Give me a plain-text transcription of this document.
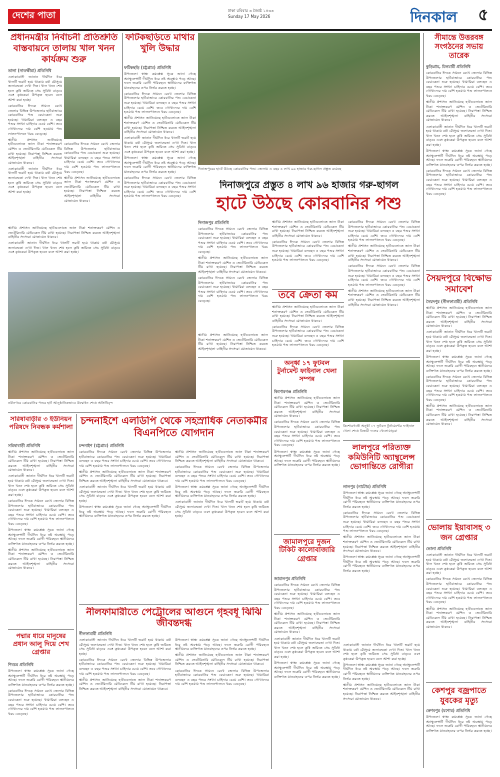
দেশের পাতা
ঢাকা রবিবার ৩ জ্যৈষ্ঠ ১৪৩৩
Sunday 17 May 2026	দিনকাল	৫
প্রধানমন্ত্রীর নির্বাচনী প্রতিশ্রুতি বাস্তবায়নে তালায় খাল খনন কার্যক্রম শুরু
তালা (সাতক্ষীরা) প্রতিনিধি

এলাকাবাসী জানান দীর্ঘদিন ধরে খালটি ভরাট হয়ে থাকায় বর্ষা মৌসুমে জলাবদ্ধতা দেখা দিত। খাল খনন শেষ হলে কৃষি জমিতে সেচ সুবিধা বাড়বে এবং কৃষকেরা উপকৃত হবেন বলে আশা করা হচ্ছে।

কোরবানির ঈদকে সামনে রেখে জেলার বিভিন্ন উপজেলার হাটবাজারে কোরবানির পশু বেচাকেনা শুরু হয়েছে। খামারিরা বলছেন এ বছর পশুর সংখ্যা চাহিদার চেয়ে বেশি। তবে গোখাদ্যের দাম বেশি হওয়ায় পশু লালনপালনে খরচ বেড়েছে।

স্থানীয় প্রশাসন জানিয়েছে হাটগুলোতে জাল টাকা শনাক্তকরণ মেশিন ও ভেটেরিনারি মেডিকেল টিম রাখা হয়েছে। নিরাপত্তা নিশ্চিত করতে আইনশৃঙ্খলা বাহিনীর সদস্যরা মোতায়েন থাকবে।

এলাকাবাসী জানান দীর্ঘদিন ধরে খালটি ভরাট হয়ে থাকায় বর্ষা মৌসুমে জলাবদ্ধতা দেখা দিত। খাল খনন শেষ হলে কৃষি জমিতে সেচ সুবিধা বাড়বে এবং কৃষকেরা উপকৃত হবেন বলে আশা করা হচ্ছে।

কোরবানির ঈদকে সামনে রেখে জেলার বিভিন্ন উপজেলার হাটবাজারে কোরবানির পশু বেচাকেনা শুরু হয়েছে। খামারিরা বলছেন এ বছর পশুর সংখ্যা চাহিদার চেয়ে বেশি। তবে গোখাদ্যের দাম বেশি হওয়ায় পশু লালনপালনে খরচ বেড়েছে।

স্থানীয় প্রশাসন জানিয়েছে হাটগুলোতে জাল টাকা শনাক্তকরণ মেশিন ও ভেটেরিনারি মেডিকেল টিম রাখা হয়েছে। নিরাপত্তা নিশ্চিত করতে আইনশৃঙ্খলা বাহিনীর সদস্যরা মোতায়েন থাকবে।

স্থানীয় প্রশাসন জানিয়েছে হাটগুলোতে জাল টাকা শনাক্তকরণ মেশিন ও ভেটেরিনারি মেডিকেল টিম রাখা হয়েছে। নিরাপত্তা নিশ্চিত করতে আইনশৃঙ্খলা বাহিনীর সদস্যরা মোতায়েন থাকবে।

এলাকাবাসী জানান দীর্ঘদিন ধরে খালটি ভরাট হয়ে থাকায় বর্ষা মৌসুমে জলাবদ্ধতা দেখা দিত। খাল খনন শেষ হলে কৃষি জমিতে সেচ সুবিধা বাড়বে এবং কৃষকেরা উপকৃত হবেন বলে আশা করা হচ্ছে।

নবীনগরে কোরবানির পশুর হাট আনুষ্ঠানিকভাবে উদ্বোধন শেষে অতিথিবৃন্দ
ফটিকছড়িতে মাথার খুলি উদ্ধার
ফটিকছড়ি (চট্টগ্রাম) প্রতিনিধি

উপজেলা স্বাস্থ্য কমপ্লেক্স সূত্রে জানা গেছে অ্যাম্বুলেন্সটি দীর্ঘদিন ধরে নষ্ট অবস্থায় পড়ে আছে। ফলে জরুরি রোগী পরিবহনে স্থানীয়দের ব্যক্তিগত যানবাহনের ওপর নির্ভর করতে হচ্ছে।

কোরবানির ঈদকে সামনে রেখে জেলার বিভিন্ন উপজেলার হাটবাজারে কোরবানির পশু বেচাকেনা শুরু হয়েছে। খামারিরা বলছেন এ বছর পশুর সংখ্যা চাহিদার চেয়ে বেশি। তবে গোখাদ্যের দাম বেশি হওয়ায় পশু লালনপালনে খরচ বেড়েছে।

স্থানীয় প্রশাসন জানিয়েছে হাটগুলোতে জাল টাকা শনাক্তকরণ মেশিন ও ভেটেরিনারি মেডিকেল টিম রাখা হয়েছে। নিরাপত্তা নিশ্চিত করতে আইনশৃঙ্খলা বাহিনীর সদস্যরা মোতায়েন থাকবে।

এলাকাবাসী জানান দীর্ঘদিন ধরে খালটি ভরাট হয়ে থাকায় বর্ষা মৌসুমে জলাবদ্ধতা দেখা দিত। খাল খনন শেষ হলে কৃষি জমিতে সেচ সুবিধা বাড়বে এবং কৃষকেরা উপকৃত হবেন বলে আশা করা হচ্ছে।

উপজেলা স্বাস্থ্য কমপ্লেক্স সূত্রে জানা গেছে অ্যাম্বুলেন্সটি দীর্ঘদিন ধরে নষ্ট অবস্থায় পড়ে আছে। ফলে জরুরি রোগী পরিবহনে স্থানীয়দের ব্যক্তিগত যানবাহনের ওপর নির্ভর করতে হচ্ছে।

কোরবানির ঈদকে সামনে রেখে জেলার বিভিন্ন উপজেলার হাটবাজারে কোরবানির পশু বেচাকেনা শুরু হয়েছে। খামারিরা বলছেন এ বছর পশুর সংখ্যা চাহিদার চেয়ে বেশি। তবে গোখাদ্যের দাম বেশি হওয়ায় পশু লালনপালনে খরচ বেড়েছে।

দিনাজপুরের হাটে উঠছে কোরবানির পশু। জেলায় এ বছর ৪ লাখ ৯৬ হাজার গরু-ছাগল প্রস্তুত রয়েছে
দিনাজপুরে প্রস্তুত ৪ লাখ ৯৬ হাজার গরু-ছাগল
হাটে উঠছে কোরবানির পশু
দিনাজপুর প্রতিনিধি

কোরবানির ঈদকে সামনে রেখে জেলার বিভিন্ন উপজেলার হাটবাজারে কোরবানির পশু বেচাকেনা শুরু হয়েছে। খামারিরা বলছেন এ বছর পশুর সংখ্যা চাহিদার চেয়ে বেশি। তবে গোখাদ্যের দাম বেশি হওয়ায় পশু লালনপালনে খরচ বেড়েছে।

স্থানীয় প্রশাসন জানিয়েছে হাটগুলোতে জাল টাকা শনাক্তকরণ মেশিন ও ভেটেরিনারি মেডিকেল টিম রাখা হয়েছে। নিরাপত্তা নিশ্চিত করতে আইনশৃঙ্খলা বাহিনীর সদস্যরা মোতায়েন থাকবে।

কোরবানির ঈদকে সামনে রেখে জেলার বিভিন্ন উপজেলার হাটবাজারে কোরবানির পশু বেচাকেনা শুরু হয়েছে। খামারিরা বলছেন এ বছর পশুর সংখ্যা চাহিদার চেয়ে বেশি। তবে গোখাদ্যের দাম বেশি হওয়ায় পশু লালনপালনে খরচ বেড়েছে।

স্থানীয় প্রশাসন জানিয়েছে হাটগুলোতে জাল টাকা শনাক্তকরণ মেশিন ও ভেটেরিনারি মেডিকেল টিম রাখা হয়েছে। নিরাপত্তা নিশ্চিত করতে আইনশৃঙ্খলা বাহিনীর সদস্যরা মোতায়েন থাকবে।

কোরবানির ঈদকে সামনে রেখে জেলার বিভিন্ন উপজেলার হাটবাজারে কোরবানির পশু বেচাকেনা শুরু হয়েছে। খামারিরা বলছেন এ বছর পশুর সংখ্যা চাহিদার চেয়ে বেশি। তবে গোখাদ্যের দাম বেশি হওয়ায় পশু লালনপালনে খরচ বেড়েছে।

তবে ক্রেতা কম

স্থানীয় প্রশাসন জানিয়েছে হাটগুলোতে জাল টাকা শনাক্তকরণ মেশিন ও ভেটেরিনারি মেডিকেল টিম রাখা হয়েছে। নিরাপত্তা নিশ্চিত করতে আইনশৃঙ্খলা বাহিনীর সদস্যরা মোতায়েন থাকবে।

কোরবানির ঈদকে সামনে রেখে জেলার বিভিন্ন উপজেলার হাটবাজারে কোরবানির পশু বেচাকেনা শুরু হয়েছে। খামারিরা বলছেন এ বছর পশুর সংখ্যা চাহিদার চেয়ে বেশি। তবে গোখাদ্যের দাম বেশি হওয়ায় পশু লালনপালনে খরচ বেড়েছে।

কোরবানির ঈদকে সামনে রেখে জেলার বিভিন্ন উপজেলার হাটবাজারে কোরবানির পশু বেচাকেনা শুরু হয়েছে। খামারিরা বলছেন এ বছর পশুর সংখ্যা চাহিদার চেয়ে বেশি। তবে গোখাদ্যের দাম বেশি হওয়ায় পশু লালনপালনে খরচ বেড়েছে।

স্থানীয় প্রশাসন জানিয়েছে হাটগুলোতে জাল টাকা শনাক্তকরণ মেশিন ও ভেটেরিনারি মেডিকেল টিম রাখা হয়েছে। নিরাপত্তা নিশ্চিত করতে আইনশৃঙ্খলা বাহিনীর সদস্যরা মোতায়েন থাকবে।

কোরবানির ঈদকে সামনে রেখে জেলার বিভিন্ন উপজেলার হাটবাজারে কোরবানির পশু বেচাকেনা শুরু হয়েছে। খামারিরা বলছেন এ বছর পশুর সংখ্যা চাহিদার চেয়ে বেশি। তবে গোখাদ্যের দাম বেশি হওয়ায় পশু লালনপালনে খরচ বেড়েছে।

স্থানীয় প্রশাসন জানিয়েছে হাটগুলোতে জাল টাকা শনাক্তকরণ মেশিন ও ভেটেরিনারি মেডিকেল টিম রাখা হয়েছে। নিরাপত্তা নিশ্চিত করতে আইনশৃঙ্খলা বাহিনীর সদস্যরা মোতায়েন থাকবে।

স্থানীয় প্রশাসন জানিয়েছে হাটগুলোতে জাল টাকা শনাক্তকরণ মেশিন ও ভেটেরিনারি মেডিকেল টিম রাখা হয়েছে। নিরাপত্তা নিশ্চিত করতে আইনশৃঙ্খলা বাহিনীর সদস্যরা মোতায়েন থাকবে।

সীমান্তে উত্তরবঙ্গ সংগঠনের সভায় তারেক
কুড়িগ্রাম, চিলমারী প্রতিনিধি

কোরবানির ঈদকে সামনে রেখে জেলার বিভিন্ন উপজেলার হাটবাজারে কোরবানির পশু বেচাকেনা শুরু হয়েছে। খামারিরা বলছেন এ বছর পশুর সংখ্যা চাহিদার চেয়ে বেশি। তবে গোখাদ্যের দাম বেশি হওয়ায় পশু লালনপালনে খরচ বেড়েছে।

স্থানীয় প্রশাসন জানিয়েছে হাটগুলোতে জাল টাকা শনাক্তকরণ মেশিন ও ভেটেরিনারি মেডিকেল টিম রাখা হয়েছে। নিরাপত্তা নিশ্চিত করতে আইনশৃঙ্খলা বাহিনীর সদস্যরা মোতায়েন থাকবে।

এলাকাবাসী জানান দীর্ঘদিন ধরে খালটি ভরাট হয়ে থাকায় বর্ষা মৌসুমে জলাবদ্ধতা দেখা দিত। খাল খনন শেষ হলে কৃষি জমিতে সেচ সুবিধা বাড়বে এবং কৃষকেরা উপকৃত হবেন বলে আশা করা হচ্ছে।

উপজেলা স্বাস্থ্য কমপ্লেক্স সূত্রে জানা গেছে অ্যাম্বুলেন্সটি দীর্ঘদিন ধরে নষ্ট অবস্থায় পড়ে আছে। ফলে জরুরি রোগী পরিবহনে স্থানীয়দের ব্যক্তিগত যানবাহনের ওপর নির্ভর করতে হচ্ছে।

কোরবানির ঈদকে সামনে রেখে জেলার বিভিন্ন উপজেলার হাটবাজারে কোরবানির পশু বেচাকেনা শুরু হয়েছে। খামারিরা বলছেন এ বছর পশুর সংখ্যা চাহিদার চেয়ে বেশি। তবে গোখাদ্যের দাম বেশি হওয়ায় পশু লালনপালনে খরচ বেড়েছে।

সৈয়দপুরে বিক্ষোভ সমাবেশ
সৈয়দপুর (নীলফামারী) প্রতিনিধি

স্থানীয় প্রশাসন জানিয়েছে হাটগুলোতে জাল টাকা শনাক্তকরণ মেশিন ও ভেটেরিনারি মেডিকেল টিম রাখা হয়েছে। নিরাপত্তা নিশ্চিত করতে আইনশৃঙ্খলা বাহিনীর সদস্যরা মোতায়েন থাকবে।

এলাকাবাসী জানান দীর্ঘদিন ধরে খালটি ভরাট হয়ে থাকায় বর্ষা মৌসুমে জলাবদ্ধতা দেখা দিত। খাল খনন শেষ হলে কৃষি জমিতে সেচ সুবিধা বাড়বে এবং কৃষকেরা উপকৃত হবেন বলে আশা করা হচ্ছে।

উপজেলা স্বাস্থ্য কমপ্লেক্স সূত্রে জানা গেছে অ্যাম্বুলেন্সটি দীর্ঘদিন ধরে নষ্ট অবস্থায় পড়ে আছে। ফলে জরুরি রোগী পরিবহনে স্থানীয়দের ব্যক্তিগত যানবাহনের ওপর নির্ভর করতে হচ্ছে।

কোরবানির ঈদকে সামনে রেখে জেলার বিভিন্ন উপজেলার হাটবাজারে কোরবানির পশু বেচাকেনা শুরু হয়েছে। খামারিরা বলছেন এ বছর পশুর সংখ্যা চাহিদার চেয়ে বেশি। তবে গোখাদ্যের দাম বেশি হওয়ায় পশু লালনপালনে খরচ বেড়েছে।

স্থানীয় প্রশাসন জানিয়েছে হাটগুলোতে জাল টাকা শনাক্তকরণ মেশিন ও ভেটেরিনারি মেডিকেল টিম রাখা হয়েছে। নিরাপত্তা নিশ্চিত করতে আইনশৃঙ্খলা বাহিনীর সদস্যরা মোতায়েন থাকবে।

ভোলায় ইয়াবাসহ ৩ জন গ্রেপ্তার
ভোলা প্রতিনিধি

এলাকাবাসী জানান দীর্ঘদিন ধরে খালটি ভরাট হয়ে থাকায় বর্ষা মৌসুমে জলাবদ্ধতা দেখা দিত। খাল খনন শেষ হলে কৃষি জমিতে সেচ সুবিধা বাড়বে এবং কৃষকেরা উপকৃত হবেন বলে আশা করা হচ্ছে।

কোরবানির ঈদকে সামনে রেখে জেলার বিভিন্ন উপজেলার হাটবাজারে কোরবানির পশু বেচাকেনা শুরু হয়েছে। খামারিরা বলছেন এ বছর পশুর সংখ্যা চাহিদার চেয়ে বেশি। তবে গোখাদ্যের দাম বেশি হওয়ায় পশু লালনপালনে খরচ বেড়েছে।

স্থানীয় প্রশাসন জানিয়েছে হাটগুলোতে জাল টাকা শনাক্তকরণ মেশিন ও ভেটেরিনারি মেডিকেল টিম রাখা হয়েছে। নিরাপত্তা নিশ্চিত করতে আইনশৃঙ্খলা বাহিনীর সদস্যরা মোতায়েন থাকবে।

কেশপুর বজ্রপাতে যুবকের মৃত্যু
কেশবপুর (যশোর) প্রতিনিধি

উপজেলা স্বাস্থ্য কমপ্লেক্স সূত্রে জানা গেছে অ্যাম্বুলেন্সটি দীর্ঘদিন ধরে নষ্ট অবস্থায় পড়ে আছে। ফলে জরুরি রোগী পরিবহনে স্থানীয়দের ব্যক্তিগত যানবাহনের ওপর নির্ভর করতে হচ্ছে।

সরিষাবাড়ীর ৩ ইউনিয়ন পরিষদে নিবন্ধক কর্মশালা
সরিষাবাড়ী প্রতিনিধি

স্থানীয় প্রশাসন জানিয়েছে হাটগুলোতে জাল টাকা শনাক্তকরণ মেশিন ও ভেটেরিনারি মেডিকেল টিম রাখা হয়েছে। নিরাপত্তা নিশ্চিত করতে আইনশৃঙ্খলা বাহিনীর সদস্যরা মোতায়েন থাকবে।

এলাকাবাসী জানান দীর্ঘদিন ধরে খালটি ভরাট হয়ে থাকায় বর্ষা মৌসুমে জলাবদ্ধতা দেখা দিত। খাল খনন শেষ হলে কৃষি জমিতে সেচ সুবিধা বাড়বে এবং কৃষকেরা উপকৃত হবেন বলে আশা করা হচ্ছে।

কোরবানির ঈদকে সামনে রেখে জেলার বিভিন্ন উপজেলার হাটবাজারে কোরবানির পশু বেচাকেনা শুরু হয়েছে। খামারিরা বলছেন এ বছর পশুর সংখ্যা চাহিদার চেয়ে বেশি। তবে গোখাদ্যের দাম বেশি হওয়ায় পশু লালনপালনে খরচ বেড়েছে।

উপজেলা স্বাস্থ্য কমপ্লেক্স সূত্রে জানা গেছে অ্যাম্বুলেন্সটি দীর্ঘদিন ধরে নষ্ট অবস্থায় পড়ে আছে। ফলে জরুরি রোগী পরিবহনে স্থানীয়দের ব্যক্তিগত যানবাহনের ওপর নির্ভর করতে হচ্ছে।

স্থানীয় প্রশাসন জানিয়েছে হাটগুলোতে জাল টাকা শনাক্তকরণ মেশিন ও ভেটেরিনারি মেডিকেল টিম রাখা হয়েছে। নিরাপত্তা নিশ্চিত করতে আইনশৃঙ্খলা বাহিনীর সদস্যরা মোতায়েন থাকবে।

পদ্মার ধারে মানুষের প্রধান আলু দিয়ে শেখ গ্রেপ্তার
শিবচর প্রতিনিধি

উপজেলা স্বাস্থ্য কমপ্লেক্স সূত্রে জানা গেছে অ্যাম্বুলেন্সটি দীর্ঘদিন ধরে নষ্ট অবস্থায় পড়ে আছে। ফলে জরুরি রোগী পরিবহনে স্থানীয়দের ব্যক্তিগত যানবাহনের ওপর নির্ভর করতে হচ্ছে।

কোরবানির ঈদকে সামনে রেখে জেলার বিভিন্ন উপজেলার হাটবাজারে কোরবানির পশু বেচাকেনা শুরু হয়েছে। খামারিরা বলছেন এ বছর পশুর সংখ্যা চাহিদার চেয়ে বেশি। তবে গোখাদ্যের দাম বেশি হওয়ায় পশু লালনপালনে খরচ বেড়েছে।

চন্দনাইশে এলডিপি থেকে সহস্রাধিক নেতাকর্মীর বিএনপিতে যোগদান
চন্দনাইশ (চট্টগ্রাম) প্রতিনিধি

কোরবানির ঈদকে সামনে রেখে জেলার বিভিন্ন উপজেলার হাটবাজারে কোরবানির পশু বেচাকেনা শুরু হয়েছে। খামারিরা বলছেন এ বছর পশুর সংখ্যা চাহিদার চেয়ে বেশি। তবে গোখাদ্যের দাম বেশি হওয়ায় পশু লালনপালনে খরচ বেড়েছে।

স্থানীয় প্রশাসন জানিয়েছে হাটগুলোতে জাল টাকা শনাক্তকরণ মেশিন ও ভেটেরিনারি মেডিকেল টিম রাখা হয়েছে। নিরাপত্তা নিশ্চিত করতে আইনশৃঙ্খলা বাহিনীর সদস্যরা মোতায়েন থাকবে।

এলাকাবাসী জানান দীর্ঘদিন ধরে খালটি ভরাট হয়ে থাকায় বর্ষা মৌসুমে জলাবদ্ধতা দেখা দিত। খাল খনন শেষ হলে কৃষি জমিতে সেচ সুবিধা বাড়বে এবং কৃষকেরা উপকৃত হবেন বলে আশা করা হচ্ছে।

উপজেলা স্বাস্থ্য কমপ্লেক্স সূত্রে জানা গেছে অ্যাম্বুলেন্সটি দীর্ঘদিন ধরে নষ্ট অবস্থায় পড়ে আছে। ফলে জরুরি রোগী পরিবহনে স্থানীয়দের ব্যক্তিগত যানবাহনের ওপর নির্ভর করতে হচ্ছে।

স্থানীয় প্রশাসন জানিয়েছে হাটগুলোতে জাল টাকা শনাক্তকরণ মেশিন ও ভেটেরিনারি মেডিকেল টিম রাখা হয়েছে। নিরাপত্তা নিশ্চিত করতে আইনশৃঙ্খলা বাহিনীর সদস্যরা মোতায়েন থাকবে।

কোরবানির ঈদকে সামনে রেখে জেলার বিভিন্ন উপজেলার হাটবাজারে কোরবানির পশু বেচাকেনা শুরু হয়েছে। খামারিরা বলছেন এ বছর পশুর সংখ্যা চাহিদার চেয়ে বেশি। তবে গোখাদ্যের দাম বেশি হওয়ায় পশু লালনপালনে খরচ বেড়েছে।

উপজেলা স্বাস্থ্য কমপ্লেক্স সূত্রে জানা গেছে অ্যাম্বুলেন্সটি দীর্ঘদিন ধরে নষ্ট অবস্থায় পড়ে আছে। ফলে জরুরি রোগী পরিবহনে স্থানীয়দের ব্যক্তিগত যানবাহনের ওপর নির্ভর করতে হচ্ছে।

এলাকাবাসী জানান দীর্ঘদিন ধরে খালটি ভরাট হয়ে থাকায় বর্ষা মৌসুমে জলাবদ্ধতা দেখা দিত। খাল খনন শেষ হলে কৃষি জমিতে সেচ সুবিধা বাড়বে এবং কৃষকেরা উপকৃত হবেন বলে আশা করা হচ্ছে।

নীলফামারীতে পেট্রোলের আগুনে গৃহবধূ ঝিঁঝি জীবন্তদগ্ধ
নীলফামারী প্রতিনিধি

এলাকাবাসী জানান দীর্ঘদিন ধরে খালটি ভরাট হয়ে থাকায় বর্ষা মৌসুমে জলাবদ্ধতা দেখা দিত। খাল খনন শেষ হলে কৃষি জমিতে সেচ সুবিধা বাড়বে এবং কৃষকেরা উপকৃত হবেন বলে আশা করা হচ্ছে।

কোরবানির ঈদকে সামনে রেখে জেলার বিভিন্ন উপজেলার হাটবাজারে কোরবানির পশু বেচাকেনা শুরু হয়েছে। খামারিরা বলছেন এ বছর পশুর সংখ্যা চাহিদার চেয়ে বেশি। তবে গোখাদ্যের দাম বেশি হওয়ায় পশু লালনপালনে খরচ বেড়েছে।

স্থানীয় প্রশাসন জানিয়েছে হাটগুলোতে জাল টাকা শনাক্তকরণ মেশিন ও ভেটেরিনারি মেডিকেল টিম রাখা হয়েছে। নিরাপত্তা নিশ্চিত করতে আইনশৃঙ্খলা বাহিনীর সদস্যরা মোতায়েন থাকবে।

উপজেলা স্বাস্থ্য কমপ্লেক্স সূত্রে জানা গেছে অ্যাম্বুলেন্সটি দীর্ঘদিন ধরে নষ্ট অবস্থায় পড়ে আছে। ফলে জরুরি রোগী পরিবহনে স্থানীয়দের ব্যক্তিগত যানবাহনের ওপর নির্ভর করতে হচ্ছে।

স্থানীয় প্রশাসন জানিয়েছে হাটগুলোতে জাল টাকা শনাক্তকরণ মেশিন ও ভেটেরিনারি মেডিকেল টিম রাখা হয়েছে। নিরাপত্তা নিশ্চিত করতে আইনশৃঙ্খলা বাহিনীর সদস্যরা মোতায়েন থাকবে।

কোরবানির ঈদকে সামনে রেখে জেলার বিভিন্ন উপজেলার হাটবাজারে কোরবানির পশু বেচাকেনা শুরু হয়েছে। খামারিরা বলছেন এ বছর পশুর সংখ্যা চাহিদার চেয়ে বেশি। তবে গোখাদ্যের দাম বেশি হওয়ায় পশু লালনপালনে খরচ বেড়েছে।

অনূর্ধ্ব ১৭ ফুটবল টুর্নামেন্ট ফাইনাল খেলা সম্পন্ন
কিশোরগঞ্জ প্রতিনিধি

স্থানীয় প্রশাসন জানিয়েছে হাটগুলোতে জাল টাকা শনাক্তকরণ মেশিন ও ভেটেরিনারি মেডিকেল টিম রাখা হয়েছে। নিরাপত্তা নিশ্চিত করতে আইনশৃঙ্খলা বাহিনীর সদস্যরা মোতায়েন থাকবে।

কোরবানির ঈদকে সামনে রেখে জেলার বিভিন্ন উপজেলার হাটবাজারে কোরবানির পশু বেচাকেনা শুরু হয়েছে। খামারিরা বলছেন এ বছর পশুর সংখ্যা চাহিদার চেয়ে বেশি। তবে গোখাদ্যের দাম বেশি হওয়ায় পশু লালনপালনে খরচ বেড়েছে।

উপজেলা স্বাস্থ্য কমপ্লেক্স সূত্রে জানা গেছে অ্যাম্বুলেন্সটি দীর্ঘদিন ধরে নষ্ট অবস্থায় পড়ে আছে। ফলে জরুরি রোগী পরিবহনে স্থানীয়দের ব্যক্তিগত যানবাহনের ওপর নির্ভর করতে হচ্ছে।

কিশোরগঞ্জে অনূর্ধ্ব ১৭ ফুটবল টুর্নামেন্টের ফাইনাল খেলা শেষে বিজয়ী দলের খেলোয়াড়রা
লালপুরে পরিত্যক্ত কমিউনিটি অ্যাম্বুলেন্স ভোগান্তিতে রোগীরা
লালপুর (নাটোর) প্রতিনিধি

উপজেলা স্বাস্থ্য কমপ্লেক্স সূত্রে জানা গেছে অ্যাম্বুলেন্সটি দীর্ঘদিন ধরে নষ্ট অবস্থায় পড়ে আছে। ফলে জরুরি রোগী পরিবহনে স্থানীয়দের ব্যক্তিগত যানবাহনের ওপর নির্ভর করতে হচ্ছে।

কোরবানির ঈদকে সামনে রেখে জেলার বিভিন্ন উপজেলার হাটবাজারে কোরবানির পশু বেচাকেনা শুরু হয়েছে। খামারিরা বলছেন এ বছর পশুর সংখ্যা চাহিদার চেয়ে বেশি। তবে গোখাদ্যের দাম বেশি হওয়ায় পশু লালনপালনে খরচ বেড়েছে।

স্থানীয় প্রশাসন জানিয়েছে হাটগুলোতে জাল টাকা শনাক্তকরণ মেশিন ও ভেটেরিনারি মেডিকেল টিম রাখা হয়েছে। নিরাপত্তা নিশ্চিত করতে আইনশৃঙ্খলা বাহিনীর সদস্যরা মোতায়েন থাকবে।

উপজেলা স্বাস্থ্য কমপ্লেক্স সূত্রে জানা গেছে অ্যাম্বুলেন্সটি দীর্ঘদিন ধরে নষ্ট অবস্থায় পড়ে আছে। ফলে জরুরি রোগী পরিবহনে স্থানীয়দের ব্যক্তিগত যানবাহনের ওপর নির্ভর করতে হচ্ছে।

এলাকাবাসী জানান দীর্ঘদিন ধরে খালটি ভরাট হয়ে থাকায় বর্ষা মৌসুমে জলাবদ্ধতা দেখা দিত। খাল খনন শেষ হলে কৃষি জমিতে সেচ সুবিধা বাড়বে এবং কৃষকেরা উপকৃত হবেন বলে আশা করা হচ্ছে।

উপজেলা স্বাস্থ্য কমপ্লেক্স সূত্রে জানা গেছে অ্যাম্বুলেন্সটি দীর্ঘদিন ধরে নষ্ট অবস্থায় পড়ে আছে। ফলে জরুরি রোগী পরিবহনে স্থানীয়দের ব্যক্তিগত যানবাহনের ওপর নির্ভর করতে হচ্ছে।

স্থানীয় প্রশাসন জানিয়েছে হাটগুলোতে জাল টাকা শনাক্তকরণ মেশিন ও ভেটেরিনারি মেডিকেল টিম রাখা হয়েছে। নিরাপত্তা নিশ্চিত করতে আইনশৃঙ্খলা বাহিনীর সদস্যরা মোতায়েন থাকবে।

জামালপুরে দুজন টিকিট কালোবাজারি গ্রেপ্তার
জামালপুর প্রতিনিধি

কোরবানির ঈদকে সামনে রেখে জেলার বিভিন্ন উপজেলার হাটবাজারে কোরবানির পশু বেচাকেনা শুরু হয়েছে। খামারিরা বলছেন এ বছর পশুর সংখ্যা চাহিদার চেয়ে বেশি। তবে গোখাদ্যের দাম বেশি হওয়ায় পশু লালনপালনে খরচ বেড়েছে।

স্থানীয় প্রশাসন জানিয়েছে হাটগুলোতে জাল টাকা শনাক্তকরণ মেশিন ও ভেটেরিনারি মেডিকেল টিম রাখা হয়েছে। নিরাপত্তা নিশ্চিত করতে আইনশৃঙ্খলা বাহিনীর সদস্যরা মোতায়েন থাকবে।

এলাকাবাসী জানান দীর্ঘদিন ধরে খালটি ভরাট হয়ে থাকায় বর্ষা মৌসুমে জলাবদ্ধতা দেখা দিত। খাল খনন শেষ হলে কৃষি জমিতে সেচ সুবিধা বাড়বে এবং কৃষকেরা উপকৃত হবেন বলে আশা করা হচ্ছে।

উপজেলা স্বাস্থ্য কমপ্লেক্স সূত্রে জানা গেছে অ্যাম্বুলেন্সটি দীর্ঘদিন ধরে নষ্ট অবস্থায় পড়ে আছে। ফলে জরুরি রোগী পরিবহনে স্থানীয়দের ব্যক্তিগত যানবাহনের ওপর নির্ভর করতে হচ্ছে।
